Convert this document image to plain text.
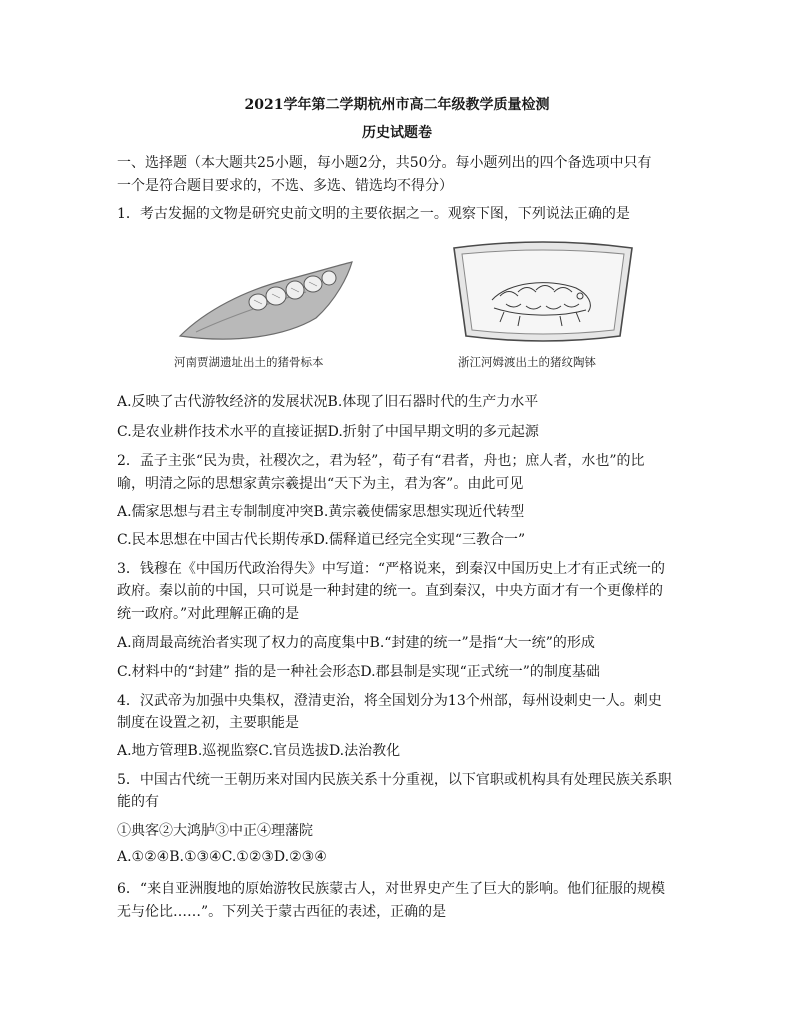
2021学年第二学期杭州市高二年级教学质量检测
历史试题卷
一、选择题（本大题共25小题，每小题2分，共50分。每小题列出的四个备选项中只有
一个是符合题目要求的，不选、多选、错选均不得分）
1．考古发掘的文物是研究史前文明的主要依据之一。观察下图，下列说法正确的是
河南贾湖遗址出土的猪骨标本	浙江河姆渡出土的猪纹陶钵
A.反映了古代游牧经济的发展状况B.体现了旧石器时代的生产力水平
C.是农业耕作技术水平的直接证据D.折射了中国早期文明的多元起源
2．孟子主张“民为贵，社稷次之，君为轻”，荀子有“君者，舟也；庶人者，水也”的比
喻，明清之际的思想家黄宗羲提出“天下为主，君为客”。由此可见
A.儒家思想与君主专制制度冲突B.黄宗羲使儒家思想实现近代转型
C.民本思想在中国古代长期传承D.儒释道已经完全实现“三教合一”
3．钱穆在《中国历代政治得失》中写道：“严格说来，到秦汉中国历史上才有正式统一的
政府。秦以前的中国，只可说是一种封建的统一。直到秦汉，中央方面才有一个更像样的
统一政府。”对此理解正确的是
A.商周最高统治者实现了权力的高度集中B.“封建的统一”是指“大一统”的形成
C.材料中的“封建” 指的是一种社会形态D.郡县制是实现“正式统一”的制度基础
4．汉武帝为加强中央集权，澄清吏治，将全国划分为13个州部，每州设刺史一人。刺史
制度在设置之初，主要职能是
A.地方管理B.巡视监察C.官员选拔D.法治教化
5．中国古代统一王朝历来对国内民族关系十分重视，以下官职或机构具有处理民族关系职
能的有
①典客②大鸿胪③中正④理藩院
A.①②④B.①③④C.①②③D.②③④
6．“来自亚洲腹地的原始游牧民族蒙古人，对世界史产生了巨大的影响。他们征服的规模
无与伦比……”。下列关于蒙古西征的表述，正确的是
